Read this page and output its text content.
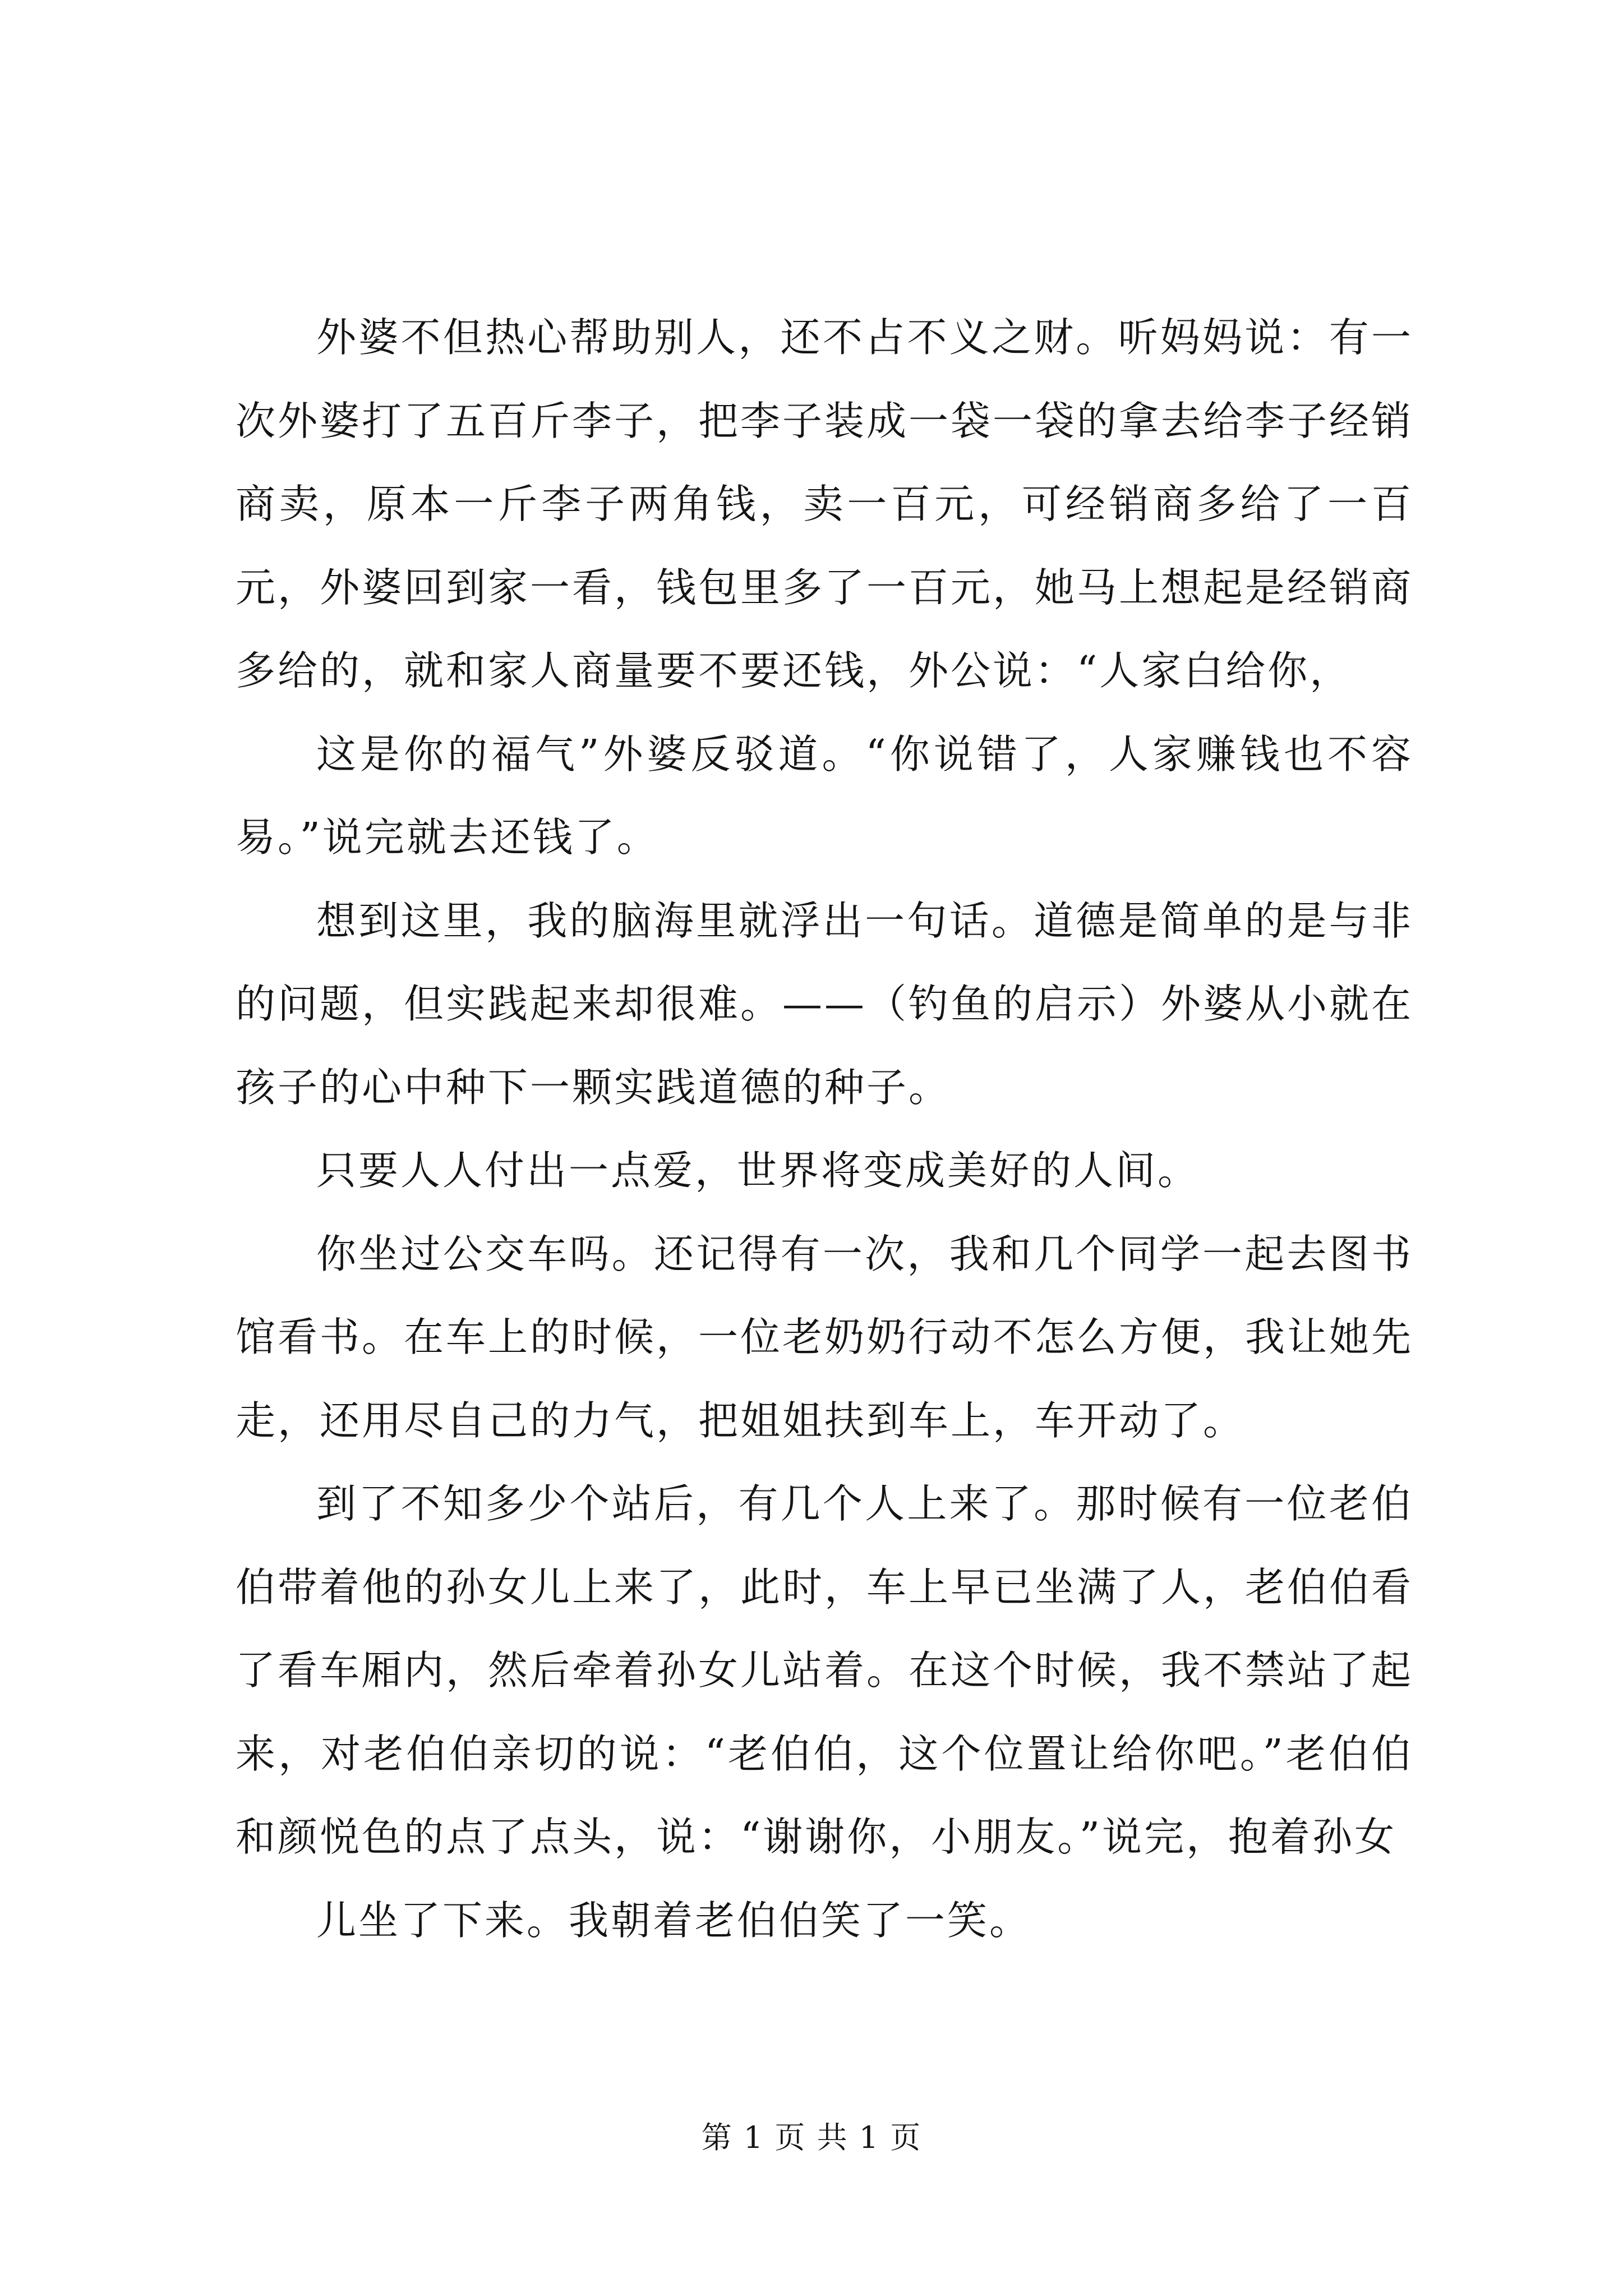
外婆不但热心帮助别人，还不占不义之财。听妈妈说：有一次外婆打了五百斤李子，把李子装成一袋一袋的拿去给李子经销商卖，原本一斤李子两角钱，卖一百元，可经销商多给了一百元，外婆回到家一看，钱包里多了一百元，她马上想起是经销商多给的，就和家人商量要不要还钱，外公说：“人家白给你，

这是你的福气”外婆反驳道。“你说错了，人家赚钱也不容易。”说完就去还钱了。

想到这里，我的脑海里就浮出一句话。道德是简单的是与非的问题，但实践起来却很难。——（钓鱼的启示）外婆从小就在孩子的心中种下一颗实践道德的种子。

只要人人付出一点爱，世界将变成美好的人间。

你坐过公交车吗。还记得有一次，我和几个同学一起去图书馆看书。在车上的时候，一位老奶奶行动不怎么方便，我让她先走，还用尽自己的力气，把姐姐扶到车上，车开动了。

到了不知多少个站后，有几个人上来了。那时候有一位老伯伯带着他的孙女儿上来了，此时，车上早已坐满了人，老伯伯看了看车厢内，然后牵着孙女儿站着。在这个时候，我不禁站了起来，对老伯伯亲切的说：“老伯伯，这个位置让给你吧。”老伯伯和颜悦色的点了点头，说：“谢谢你，小朋友。”说完，抱着孙女

儿坐了下来。我朝着老伯伯笑了一笑。

第 1 页 共 1 页
